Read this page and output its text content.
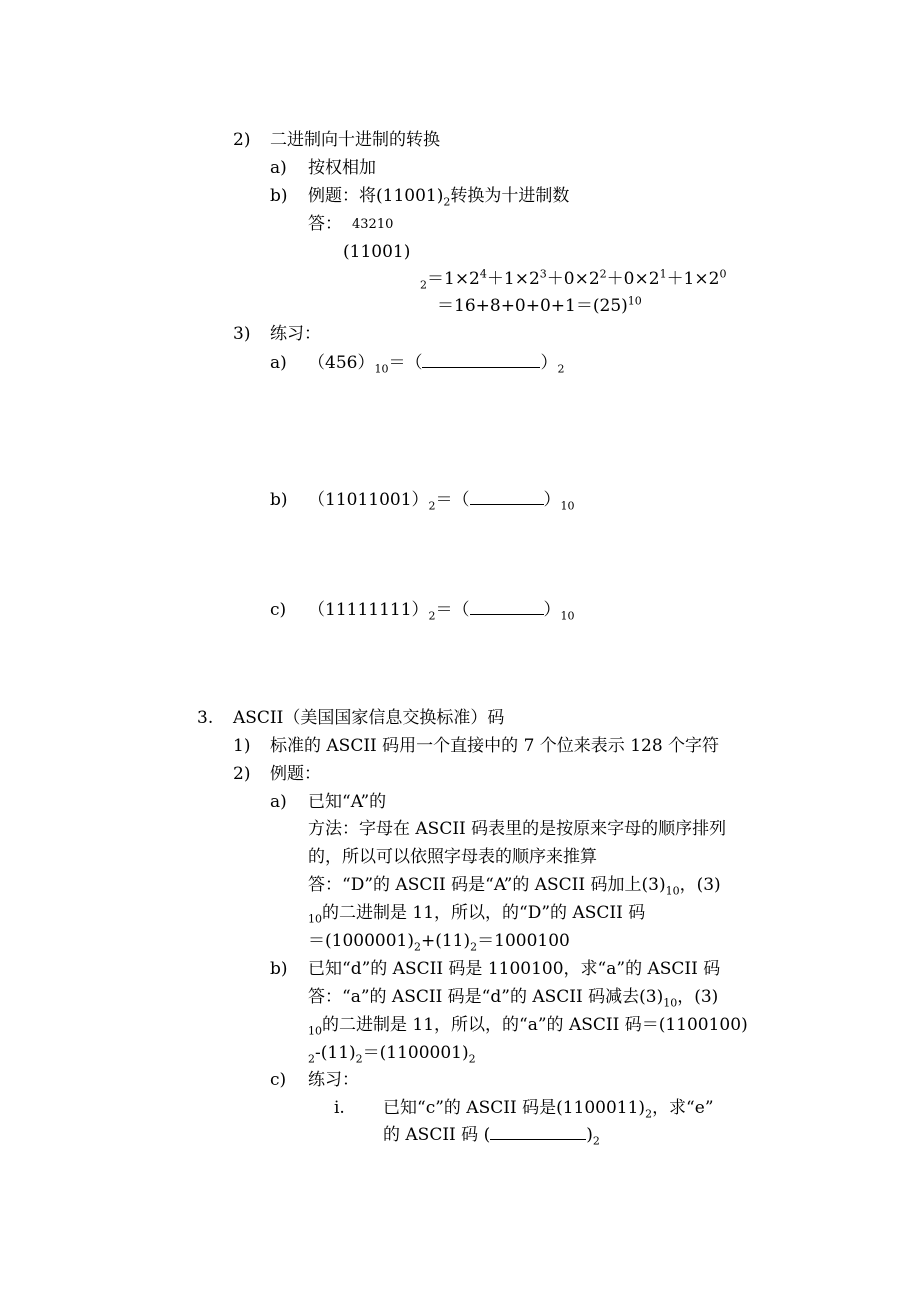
2) 二进制向十进制的转换
a) 按权相加
b) 例题：将$(11001)_2$转换为十进制数
答： 43210
(11001)
$_2=1\times 2^4+1\times 2^3+0\times 2^2+0\times 2^1+1\times 2^0$
$=16+8+0+0+1=(25)^{10}$
3) 练习：
a) $(456)_{10}=$（	）$_2$
b) $(11011001)_2=$（	）$_{10}$
c) $(11111111)_2=$（	）$_{10}$
3. ASCII（美国国家信息交换标准）码
1) 标准的 ASCII 码用一个直接中的 7 个位来表示 128 个字符
2) 例题：
a) 已知“A”的
方法：字母在 ASCII 码表里的是按原来字母的顺序排列
的，所以可以依照字母表的顺序来推算
答：“D”的 ASCII 码是“A”的 ASCII 码加上$(3)_{10}$，(3)
$_{10}$的二进制是 11，所以，的“D”的 ASCII 码
$=(1000001)_2+(11)_2=1000100$
b) 已知“d”的 ASCII 码是 1100100，求“a”的 ASCII 码
答：“a”的 ASCII 码是“d”的 ASCII 码减去$(3)_{10}$，(3)
$_{10}$的二进制是 11，所以，的“a”的 ASCII 码＝(1100100)
$_2-(11)_2=(1100001)_2$
c) 练习：
i. 已知“c”的 ASCII 码是$(1100011)_2$，求“e”
的 ASCII 码 (	)$_2$
